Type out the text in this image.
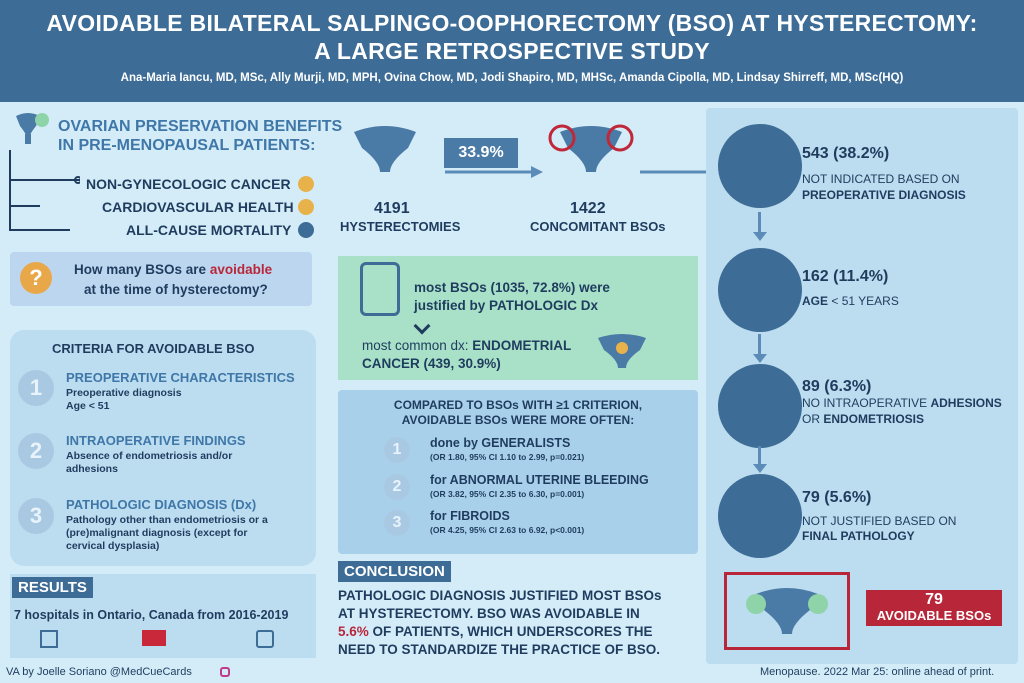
AVOIDABLE BILATERAL SALPINGO-OOPHORECTOMY (BSO) AT HYSTERECTOMY:
A LARGE RETROSPECTIVE STUDY
Ana-Maria Iancu, MD, MSc, Ally Murji, MD, MPH, Ovina Chow, MD, Jodi Shapiro, MD, MHSc, Amanda Cipolla, MD, Lindsay Shirreff, MD, MSc(HQ)
OVARIAN PRESERVATION BENEFITS
IN PRE-MENOPAUSAL PATIENTS:
NON-GYNECOLOGIC CANCER
CARDIOVASCULAR HEALTH
ALL-CAUSE MORTALITY
?	How many BSOs are avoidable
at the time of hysterectomy?
CRITERIA FOR AVOIDABLE BSO
1	PREOPERATIVE CHARACTERISTICS
Preoperative diagnosis
Age < 51
2	INTRAOPERATIVE FINDINGS
Absence of endometriosis and/or
adhesions
3	PATHOLOGIC DIAGNOSIS (Dx)
Pathology other than endometriosis or a
(pre)malignant diagnosis (except for
cervical dysplasia)
RESULTS
7 hospitals in Ontario, Canada from 2016-2019
33.9%
4191
HYSTERECTOMIES
1422
CONCOMITANT BSOs
most BSOs (1035, 72.8%) were
justified by PATHOLOGIC Dx
most common dx: ENDOMETRIAL
CANCER (439, 30.9%)
COMPARED TO BSOs WITH ≥1 CRITERION,
AVOIDABLE BSOs WERE MORE OFTEN:
1	done by GENERALISTS
(OR 1.80, 95% CI 1.10 to 2.99, p=0.021)
2	for ABNORMAL UTERINE BLEEDING
(OR 3.82, 95% CI 2.35 to 6.30, p=0.001)
3	for FIBROIDS
(OR 4.25, 95% CI 2.63 to 6.92, p<0.001)
CONCLUSION
PATHOLOGIC DIAGNOSIS JUSTIFIED MOST BSOs
AT HYSTERECTOMY. BSO WAS AVOIDABLE IN
5.6% OF PATIENTS, WHICH UNDERSCORES THE
NEED TO STANDARDIZE THE PRACTICE OF BSO.
543 (38.2%)
NOT INDICATED BASED ON
PREOPERATIVE DIAGNOSIS
162 (11.4%)
AGE < 51 YEARS
89 (6.3%)
NO INTRAOPERATIVE ADHESIONS
OR ENDOMETRIOSIS
79 (5.6%)
NOT JUSTIFIED BASED ON
FINAL PATHOLOGY
79
AVOIDABLE BSOs
VA by Joelle Soriano @MedCueCards	Menopause. 2022 Mar 25: online ahead of print.
